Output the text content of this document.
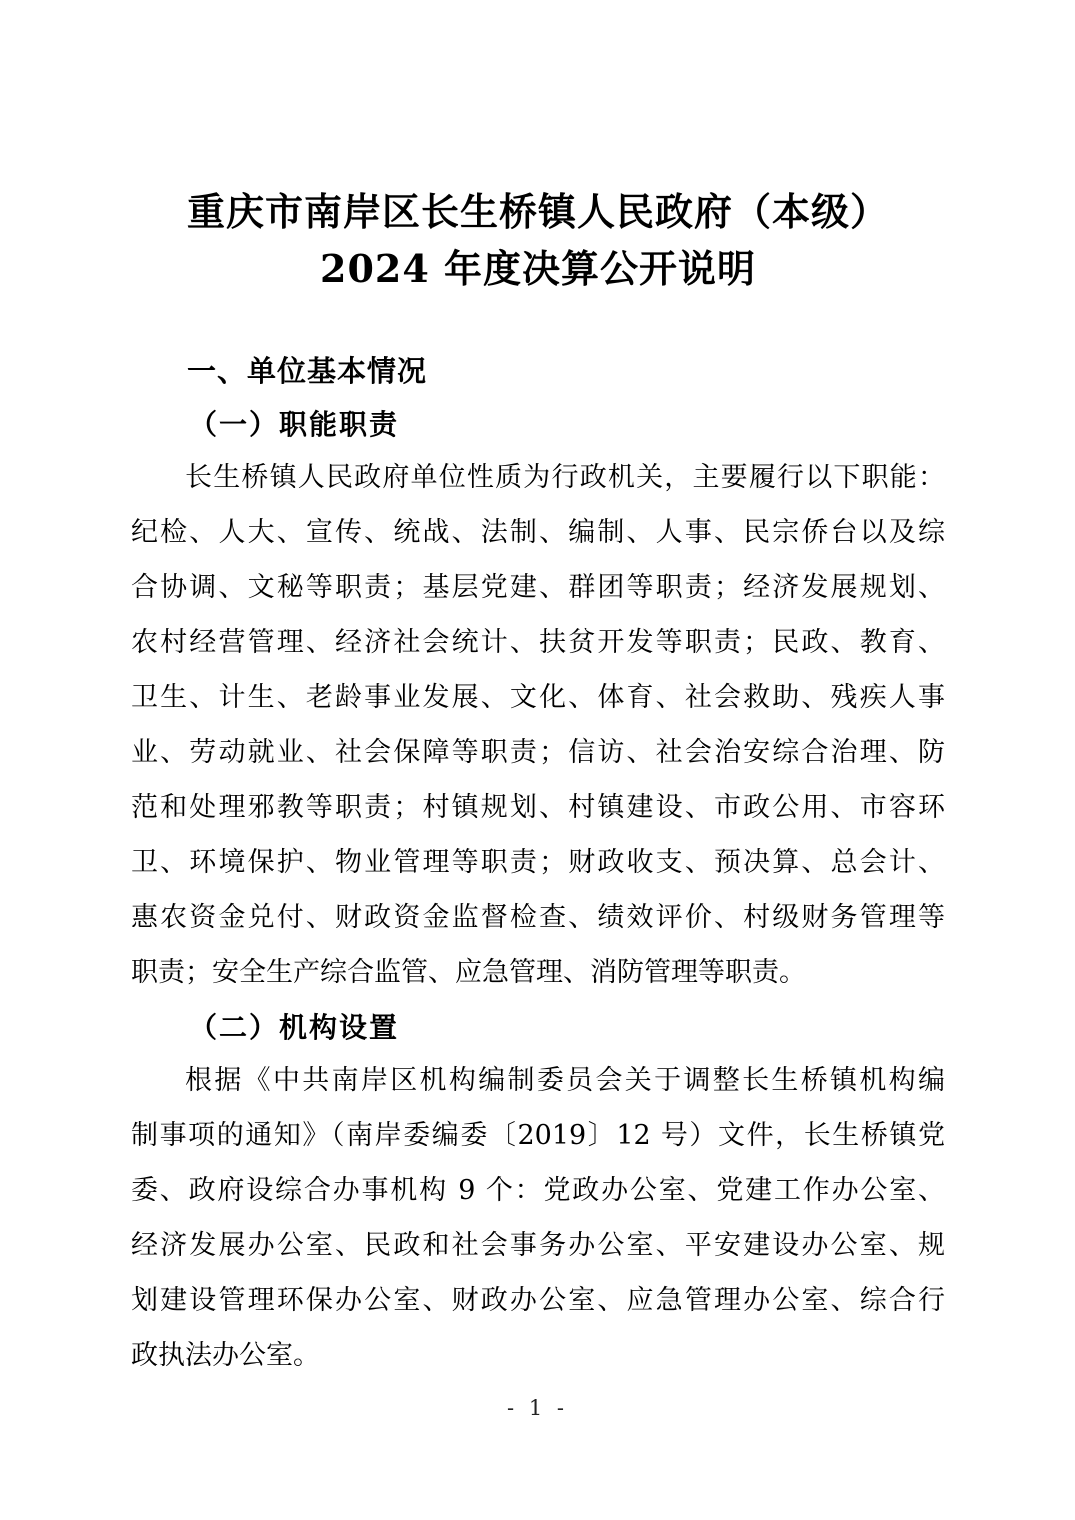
重庆市南岸区长生桥镇人民政府（本级）
2024 年度决算公开说明
一、单位基本情况
（一）职能职责
长生桥镇人民政府单位性质为行政机关，主要履行以下职能：
纪检、人大、宣传、统战、法制、编制、人事、民宗侨台以及综
合协调、文秘等职责；基层党建、群团等职责；经济发展规划、
农村经营管理、经济社会统计、扶贫开发等职责；民政、教育、
卫生、计生、老龄事业发展、文化、体育、社会救助、残疾人事
业、劳动就业、社会保障等职责；信访、社会治安综合治理、防
范和处理邪教等职责；村镇规划、村镇建设、市政公用、市容环
卫、环境保护、物业管理等职责；财政收支、预决算、总会计、
惠农资金兑付、财政资金监督检查、绩效评价、村级财务管理等
职责；安全生产综合监管、应急管理、消防管理等职责。
（二）机构设置
根据《中共南岸区机构编制委员会关于调整长生桥镇机构编
制事项的通知》（南岸委编委〔2019〕12 号）文件，长生桥镇党
委、政府设综合办事机构 9 个：党政办公室、党建工作办公室、
经济发展办公室、民政和社会事务办公室、平安建设办公室、规
划建设管理环保办公室、财政办公室、应急管理办公室、综合行
政执法办公室。
- 1 -
